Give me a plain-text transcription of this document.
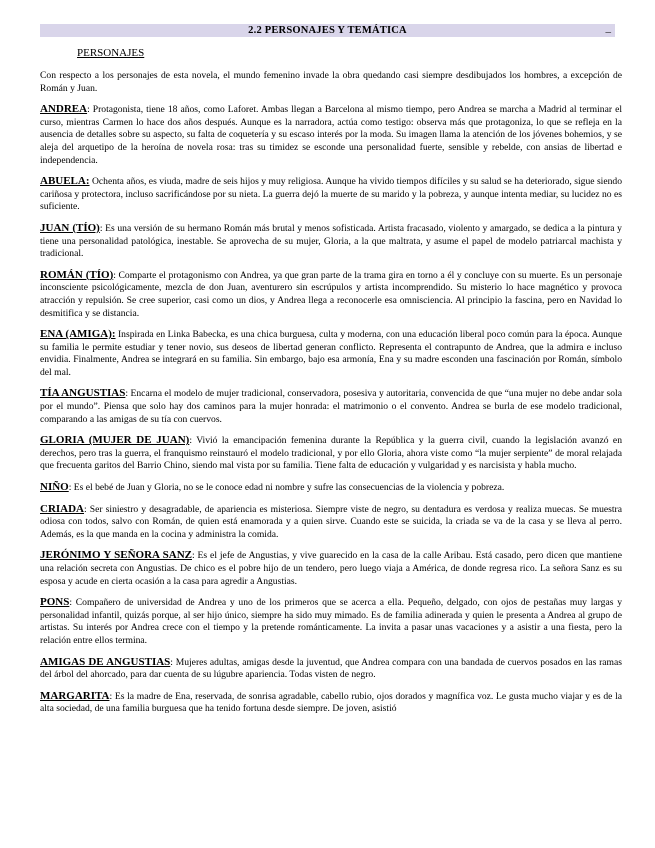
2.2 PERSONAJES Y TEMÁTICA	_
PERSONAJES

Con respecto a los personajes de esta novela, el mundo femenino invade la obra quedando casi siempre desdibujados los hombres, a excepción de Román y Juan.

ANDREA: Protagonista, tiene 18 años, como Laforet. Ambas llegan a Barcelona al mismo tiempo, pero Andrea se marcha a Madrid al terminar el curso, mientras Carmen lo hace dos años después. Aunque es la narradora, actúa como testigo: observa más que protagoniza, lo que se refleja en la ausencia de detalles sobre su aspecto, su falta de coquetería y su escaso interés por la moda. Su imagen llama la atención de los jóvenes bohemios, y se aleja del arquetipo de la heroína de novela rosa: tras su timidez se esconde una personalidad fuerte, sensible y rebelde, con ansias de libertad e independencia.

ABUELA: Ochenta años, es viuda, madre de seis hijos y muy religiosa. Aunque ha vivido tiempos difíciles y su salud se ha deteriorado, sigue siendo cariñosa y protectora, incluso sacrificándose por su nieta. La guerra dejó la muerte de su marido y la pobreza, y aunque intenta mediar, su lucidez no es suficiente.

JUAN (TÍO): Es una versión de su hermano Román más brutal y menos sofisticada. Artista fracasado, violento y amargado, se dedica a la pintura y tiene una personalidad patológica, inestable. Se aprovecha de su mujer, Gloria, a la que maltrata, y asume el papel de modelo patriarcal machista y tradicional.

ROMÁN (TÍO): Comparte el protagonismo con Andrea, ya que gran parte de la trama gira en torno a él y concluye con su muerte. Es un personaje inconsciente psicológicamente, mezcla de don Juan, aventurero sin escrúpulos y artista incomprendido. Su misterio lo hace magnético y provoca atracción y repulsión. Se cree superior, casi como un dios, y Andrea llega a reconocerle esa omnisciencia. Al principio la fascina, pero en Navidad lo desmitifica y se distancia.

ENA (AMIGA): Inspirada en Linka Babecka, es una chica burguesa, culta y moderna, con una educación liberal poco común para la época. Aunque su familia le permite estudiar y tener novio, sus deseos de libertad generan conflicto. Representa el contrapunto de Andrea, que la admira e incluso envidia. Finalmente, Andrea se integrará en su familia. Sin embargo, bajo esa armonía, Ena y su madre esconden una fascinación por Román, símbolo del mal.

TÍA ANGUSTIAS: Encarna el modelo de mujer tradicional, conservadora, posesiva y autoritaria, convencida de que “una mujer no debe andar sola por el mundo”. Piensa que solo hay dos caminos para la mujer honrada: el matrimonio o el convento. Andrea se burla de ese modelo tradicional, comparando a las amigas de su tía con cuervos.

GLORIA (MUJER DE JUAN): Vivió la emancipación femenina durante la República y la guerra civil, cuando la legislación avanzó en derechos, pero tras la guerra, el franquismo reinstauró el modelo tradicional, y por ello Gloria, ahora viste como “la mujer serpiente” de moral relajada que frecuenta garitos del Barrio Chino, siendo mal vista por su familia. Tiene falta de educación y vulgaridad y es narcisista y habla mucho.

NIÑO: Es el bebé de Juan y Gloria, no se le conoce edad ni nombre y sufre las consecuencias de la violencia y pobreza.

CRIADA: Ser siniestro y desagradable, de apariencia es misteriosa. Siempre viste de negro, su dentadura es verdosa y realiza muecas. Se muestra odiosa con todos, salvo con Román, de quien está enamorada y a quien sirve. Cuando este se suicida, la criada se va de la casa y se lleva al perro. Además, es la que manda en la cocina y administra la comida.

JERÓNIMO Y SEÑORA SANZ: Es el jefe de Angustias, y vive guarecido en la casa de la calle Aribau. Está casado, pero dicen que mantiene una relación secreta con Angustias. De chico es el pobre hijo de un tendero, pero luego viaja a América, de donde regresa rico. La señora Sanz es su esposa y acude en cierta ocasión a la casa para agredir a Angustias.

PONS: Compañero de universidad de Andrea y uno de los primeros que se acerca a ella. Pequeño, delgado, con ojos de pestañas muy largas y personalidad infantil, quizás porque, al ser hijo único, siempre ha sido muy mimado. Es de familia adinerada y quien le presenta a Andrea al grupo de artistas. Su interés por Andrea crece con el tiempo y la pretende románticamente. La invita a pasar unas vacaciones y a asistir a una fiesta, pero la relación entre ellos termina.

AMIGAS DE ANGUSTIAS: Mujeres adultas, amigas desde la juventud, que Andrea compara con una bandada de cuervos posados en las ramas del árbol del ahorcado, para dar cuenta de su lúgubre apariencia. Todas visten de negro.

MARGARITA: Es la madre de Ena, reservada, de sonrisa agradable, cabello rubio, ojos dorados y magnífica voz. Le gusta mucho viajar y es de la alta sociedad, de una familia burguesa que ha tenido fortuna desde siempre. De joven, asistió
